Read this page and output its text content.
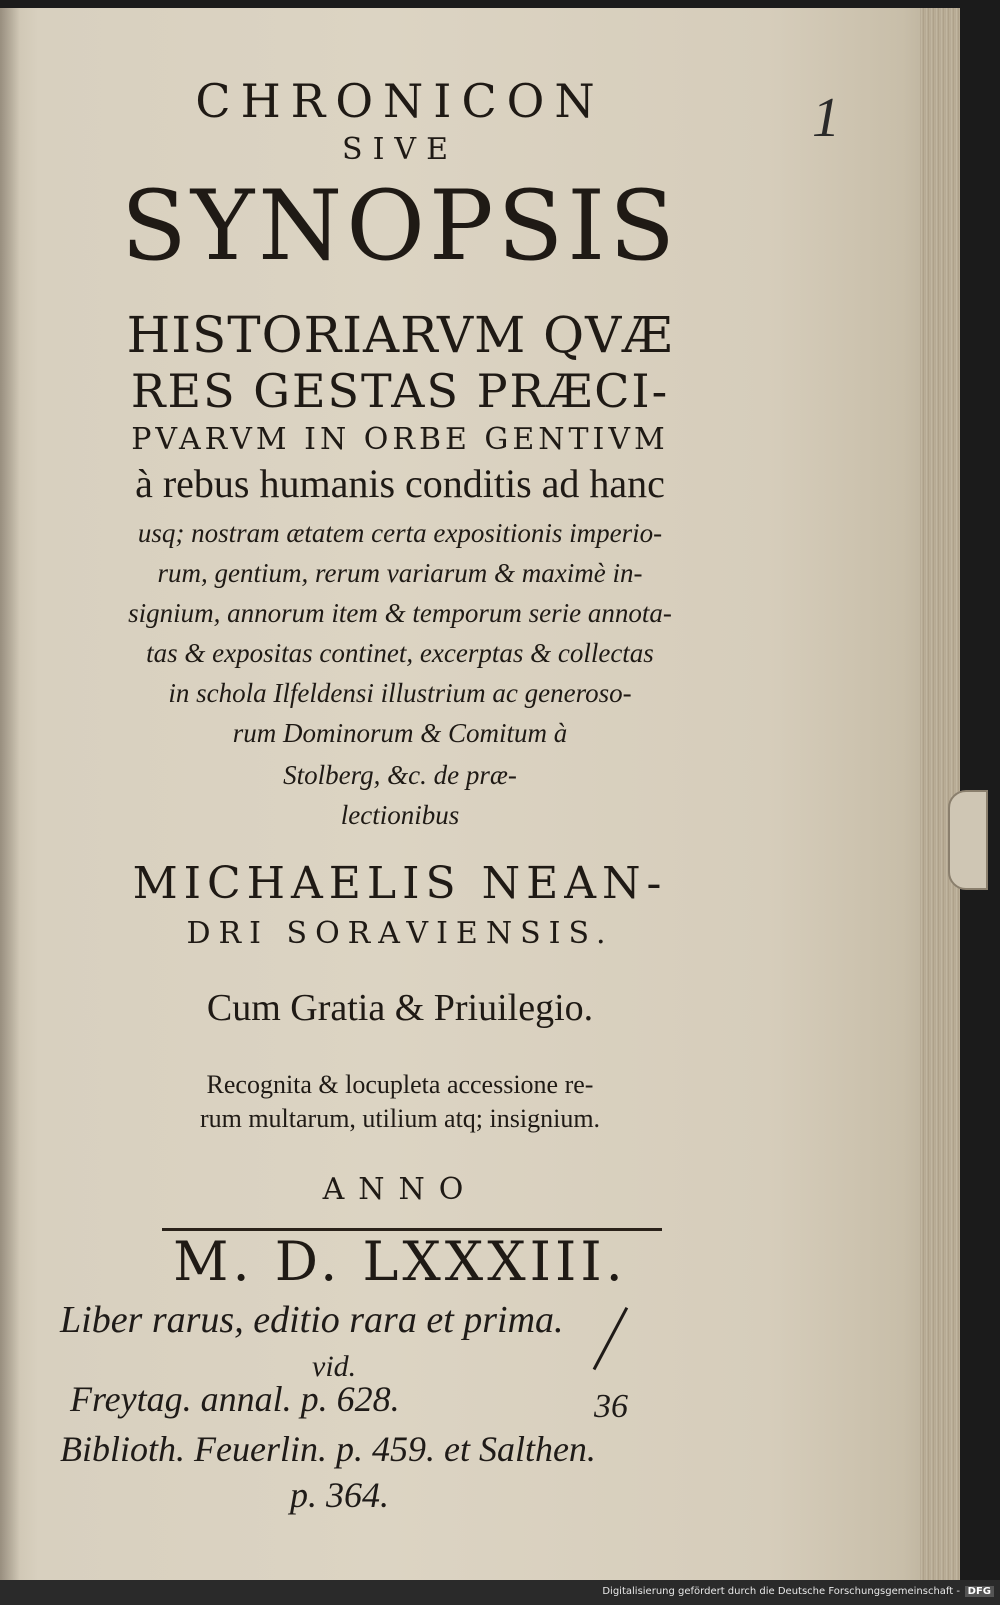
1
CHRONICON
SIVE
SYNOPSIS
HISTORIARVM QVÆ
RES GESTAS PRÆCI-
PVARVM IN ORBE GENTIVM
à rebus humanis conditis ad hanc
usq; nostram ætatem certa expositionis imperio-
rum, gentium, rerum variarum & maximè in-
signium, annorum item & temporum serie annota-
tas & expositas continet, excerptas & collectas
in schola Ilfeldensi illustrium ac generoso-
rum Dominorum & Comitum à
Stolberg, &c. de præ-
lectionibus
MICHAELIS NEAN-
DRI SORAVIENSIS.
Cum Gratia & Priuilegio.
Recognita & locupleta accessione re-
rum multarum, utilium atq; insignium.
ANNO
M. D. LXXXIII.
Liber rarus, editio rara et prima.
vid.
Freytag. annal. p. 628.
Biblioth. Feuerlin. p. 459. et Salthen.
p. 364.
36
Digitalisierung gefördert durch die Deutsche Forschungsgemeinschaft - DFG
